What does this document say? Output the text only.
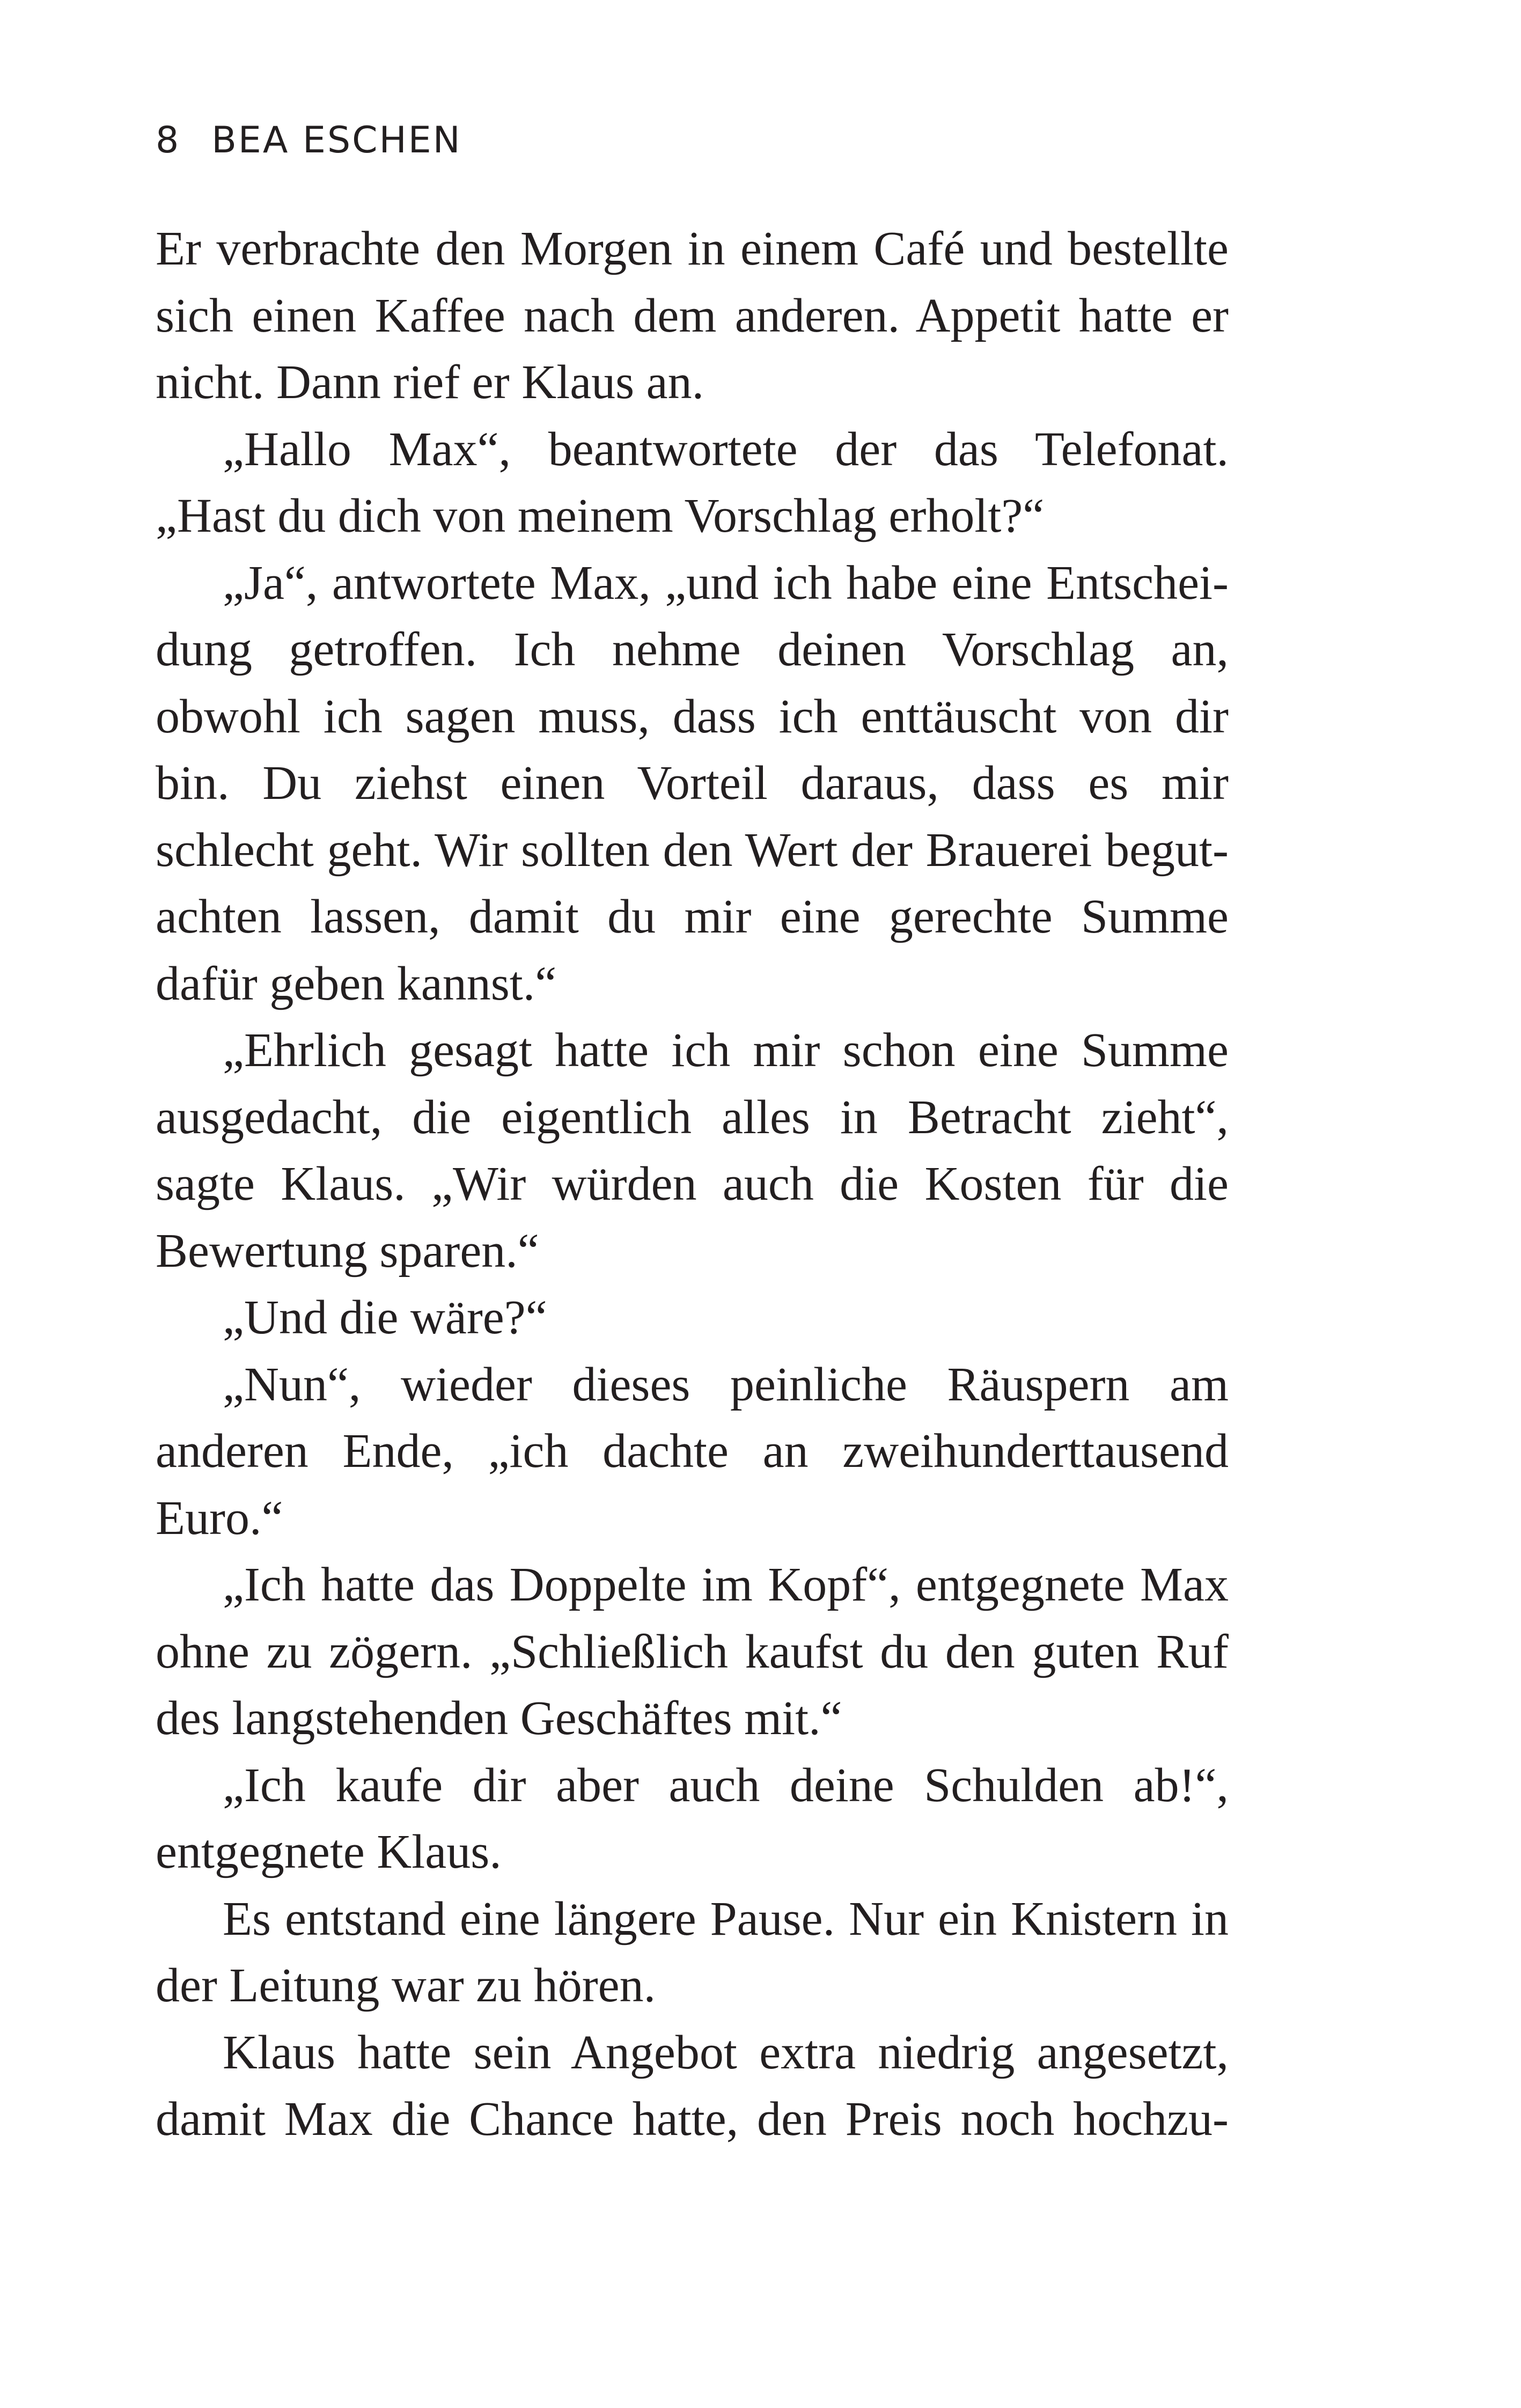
8 BEA ESCHEN
Er verbrachte den Morgen in einem Café und bestellte
sich einen Kaffee nach dem anderen. Appetit hatte er
nicht. Dann rief er Klaus an.
„Hallo Max“, beantwortete der das Telefonat.
„Hast du dich von meinem Vorschlag erholt?“
„Ja“, antwortete Max, „und ich habe eine Entschei-
dung getroffen. Ich nehme deinen Vorschlag an,
obwohl ich sagen muss, dass ich enttäuscht von dir
bin. Du ziehst einen Vorteil daraus, dass es mir
schlecht geht. Wir sollten den Wert der Brauerei begut-
achten lassen, damit du mir eine gerechte Summe
dafür geben kannst.“
„Ehrlich gesagt hatte ich mir schon eine Summe
ausgedacht, die eigentlich alles in Betracht zieht“,
sagte Klaus. „Wir würden auch die Kosten für die
Bewertung sparen.“
„Und die wäre?“
„Nun“, wieder dieses peinliche Räuspern am
anderen Ende, „ich dachte an zweihunderttausend
Euro.“
„Ich hatte das Doppelte im Kopf“, entgegnete Max
ohne zu zögern. „Schließlich kaufst du den guten Ruf
des langstehenden Geschäftes mit.“
„Ich kaufe dir aber auch deine Schulden ab!“,
entgegnete Klaus.
Es entstand eine längere Pause. Nur ein Knistern in
der Leitung war zu hören.
Klaus hatte sein Angebot extra niedrig angesetzt,
damit Max die Chance hatte, den Preis noch hochzu-
